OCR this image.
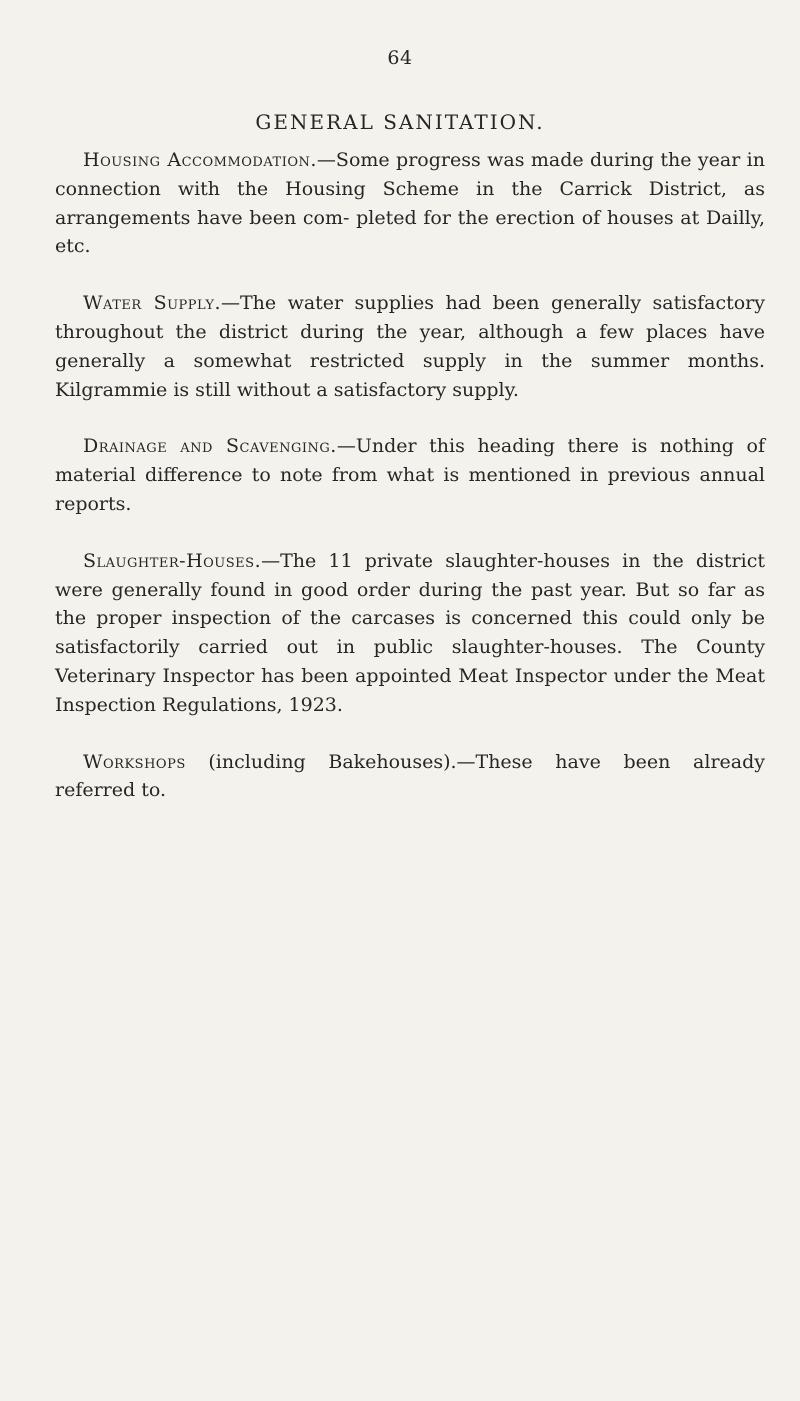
64
GENERAL SANITATION.

Housing Accommodation.—Some progress was made during the year in connection with the Housing Scheme in the Carrick District, as arrangements have been com- pleted for the erection of houses at Dailly, etc.

Water Supply.—The water supplies had been generally satisfactory throughout the district during the year, although a few places have generally a somewhat restricted supply in the summer months. Kilgrammie is still without a satisfactory supply.

Drainage and Scavenging.—Under this heading there is nothing of material difference to note from what is mentioned in previous annual reports.

Slaughter-Houses.—The 11 private slaughter-houses in the district were generally found in good order during the past year. But so far as the proper inspection of the carcases is concerned this could only be satisfactorily carried out in public slaughter-houses. The County Veterinary Inspector has been appointed Meat Inspector under the Meat Inspection Regulations, 1923.

Workshops (including Bakehouses).—These have been already referred to.
